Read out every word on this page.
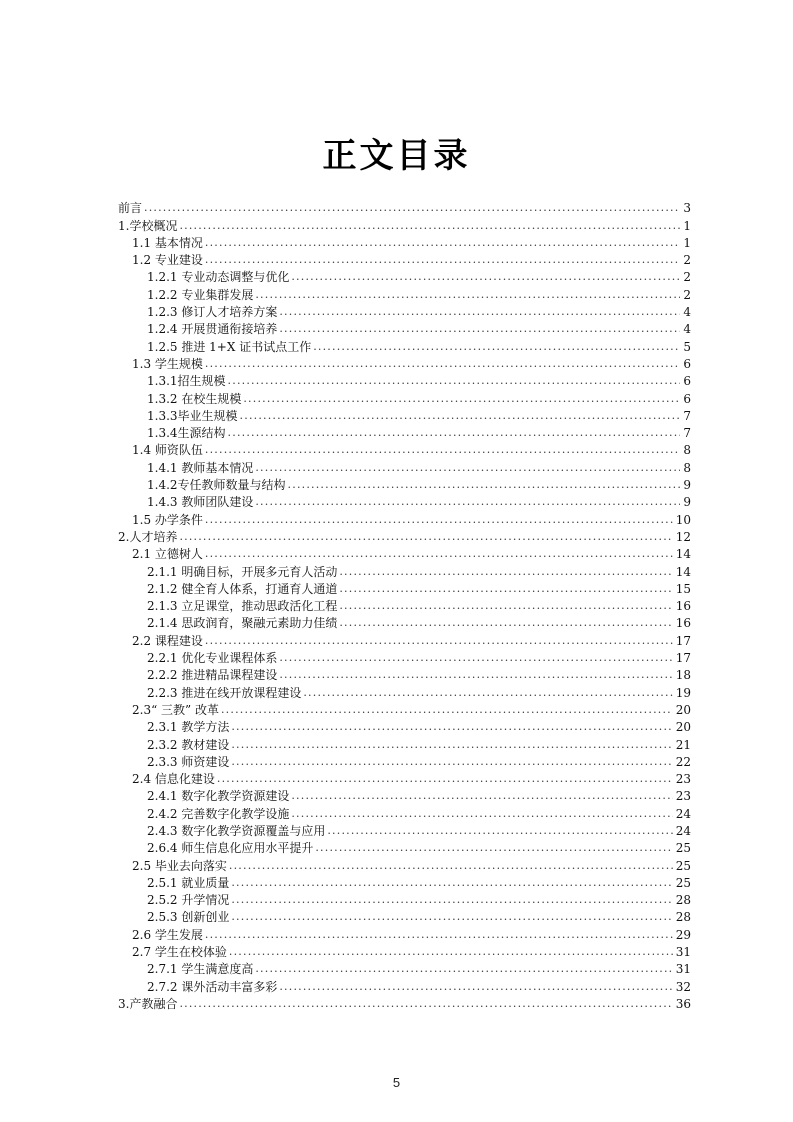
正文目录
前言 .....	3
1.学校概况 .....	1
1.1 基本情况 .....	1
1.2 专业建设 .....	2
1.2.1 专业动态调整与优化 .....	2
1.2.2 专业集群发展 .....	2
1.2.3 修订人才培养方案 .....	4
1.2.4 开展贯通衔接培养 .....	4
1.2.5 推进 1+X 证书试点工作 .....	5
1.3 学生规模 .....	6
1.3.1招生规模 .....	6
1.3.2 在校生规模 .....	6
1.3.3毕业生规模 .....	7
1.3.4生源结构 .....	7
1.4 师资队伍 .....	8
1.4.1 教师基本情况 .....	8
1.4.2专任教师数量与结构 .....	9
1.4.3 教师团队建设 .....	9
1.5 办学条件 .....	10
2.人才培养 .....	12
2.1 立德树人 .....	14
2.1.1 明确目标，开展多元育人活动 .....	14
2.1.2 健全育人体系，打通育人通道 .....	15
2.1.3 立足课堂，推动思政活化工程 .....	16
2.1.4 思政润育，聚融元素助力佳绩 .....	16
2.2 课程建设 .....	17
2.2.1 优化专业课程体系 .....	17
2.2.2 推进精品课程建设 .....	18
2.2.3 推进在线开放课程建设 .....	19
2.3“ 三教” 改革 .....	20
2.3.1 教学方法 .....	20
2.3.2 教材建设 .....	21
2.3.3 师资建设 .....	22
2.4 信息化建设 .....	23
2.4.1 数字化教学资源建设 .....	23
2.4.2 完善数字化教学设施 .....	24
2.4.3 数字化教学资源覆盖与应用 .....	24
2.6.4 师生信息化应用水平提升 .....	25
2.5 毕业去向落实 .....	25
2.5.1 就业质量 .....	25
2.5.2 升学情况 .....	28
2.5.3 创新创业 .....	28
2.6 学生发展 .....	29
2.7 学生在校体验 .....	31
2.7.1 学生满意度高 .....	31
2.7.2 课外活动丰富多彩 .....	32
3.产教融合 .....	36
5
